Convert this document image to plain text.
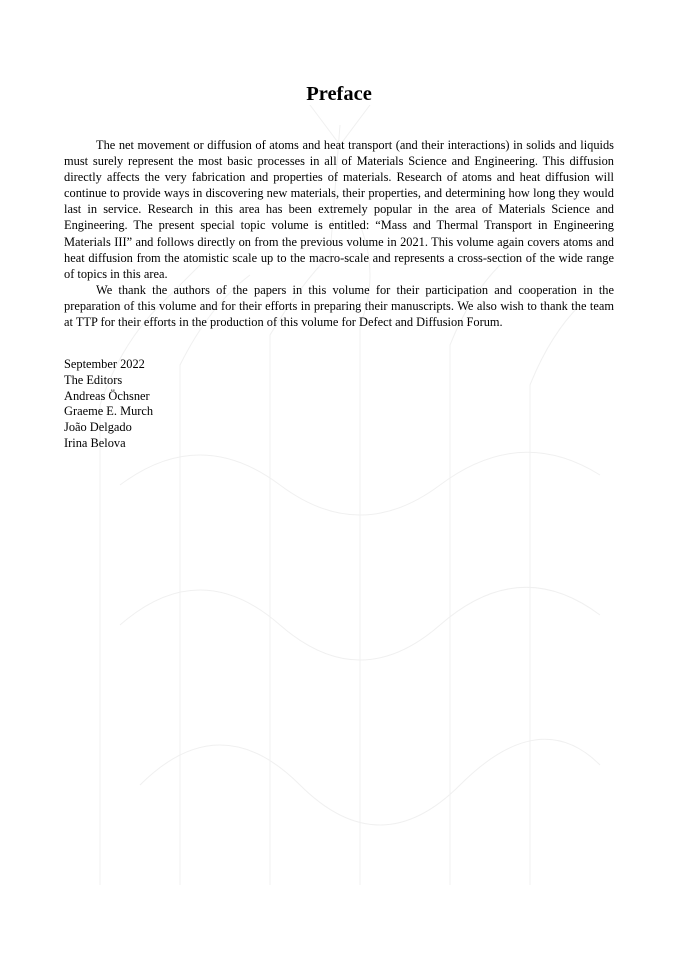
Preface

The net movement or diffusion of atoms and heat transport (and their interactions) in solids and liquids must surely represent the most basic processes in all of Materials Science and Engineering. This diffusion directly affects the very fabrication and properties of materials. Research of atoms and heat diffusion will continue to provide ways in discovering new materials, their properties, and determining how long they would last in service. Research in this area has been extremely popular in the area of Materials Science and Engineering. The present special topic volume is entitled: “Mass and Thermal Transport in Engineering Materials III” and follows directly on from the previous volume in 2021. This volume again covers atoms and heat diffusion from the atomistic scale up to the macro-scale and represents a cross-section of the wide range of topics in this area.

We thank the authors of the papers in this volume for their participation and cooperation in the preparation of this volume and for their efforts in preparing their manuscripts. We also wish to thank the team at TTP for their efforts in the production of this volume for Defect and Diffusion Forum.

September 2022
The Editors
Andreas Öchsner
Graeme E. Murch
João Delgado
Irina Belova
